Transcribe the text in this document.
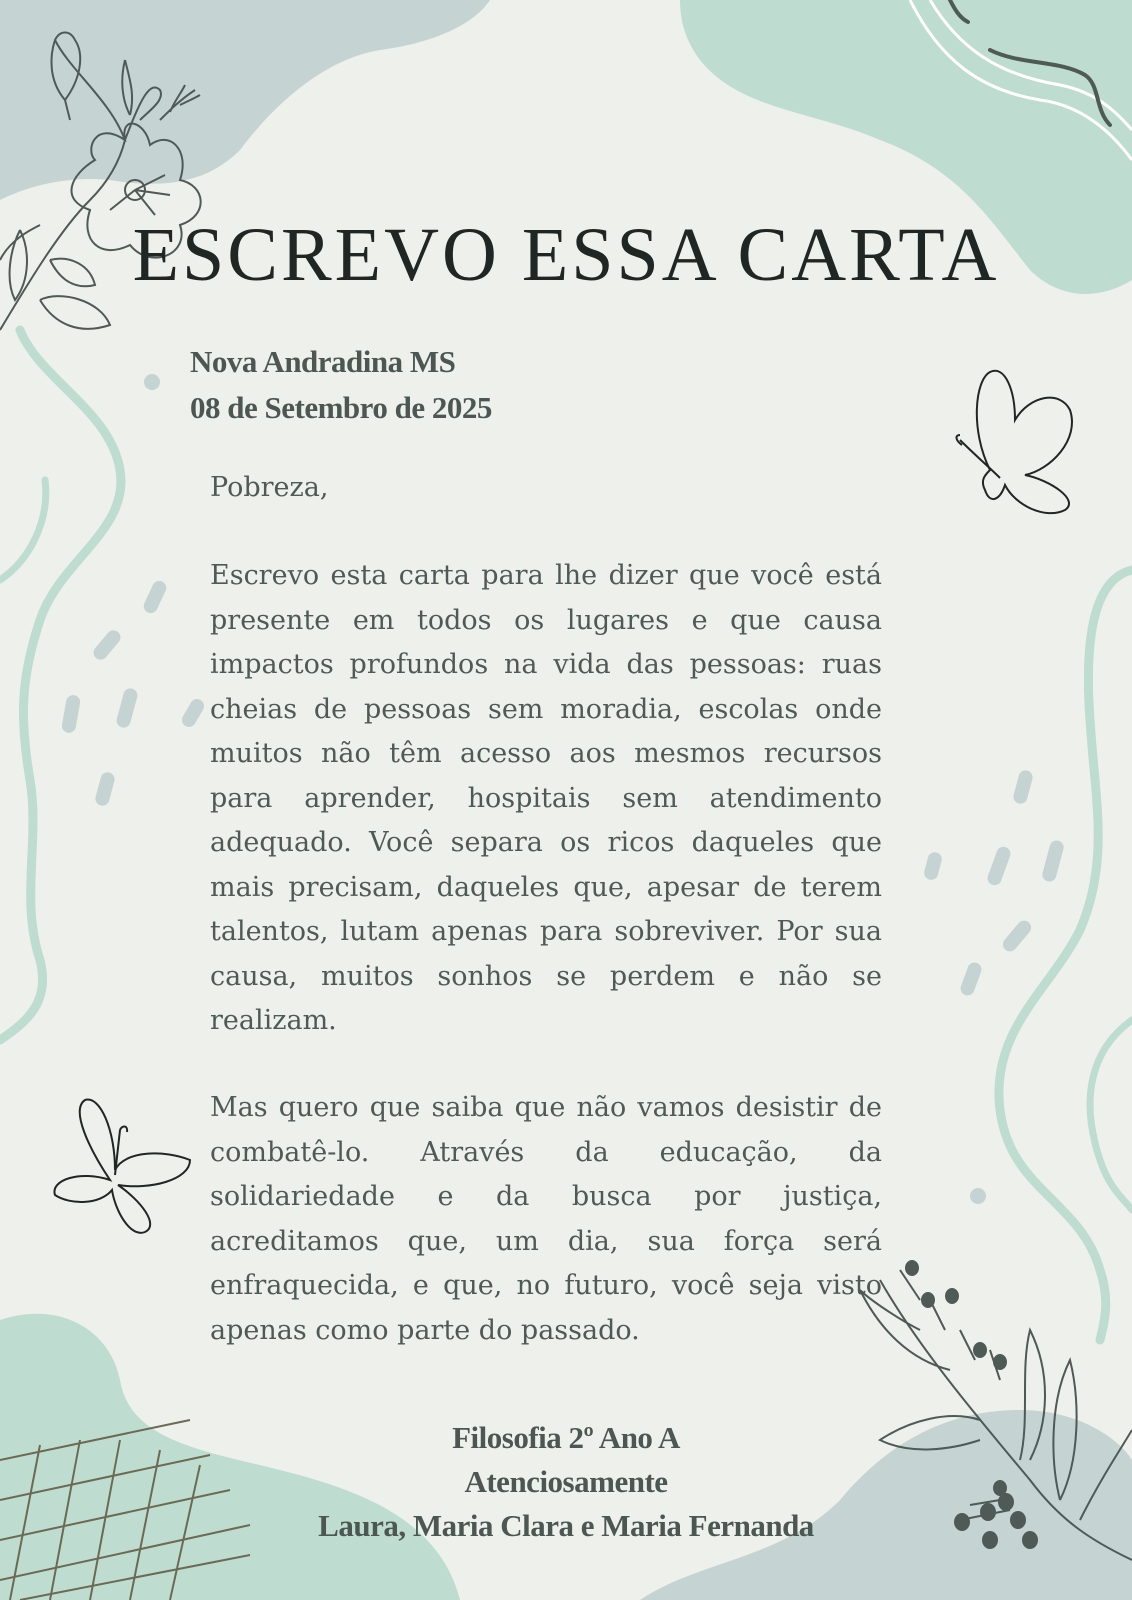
ESCREVO ESSA CARTA
Nova Andradina MS
08 de Setembro de 2025
Pobreza,

Escrevo esta carta para lhe dizer que você está presente em todos os lugares e que causa impactos profundos na vida das pessoas: ruas cheias de pessoas sem moradia, escolas onde muitos não têm acesso aos mesmos recursos para aprender, hospitais sem atendimento adequado. Você separa os ricos daqueles que mais precisam, daqueles que, apesar de terem talentos, lutam apenas para sobreviver. Por sua causa, muitos sonhos se perdem e não se realizam.

Mas quero que saiba que não vamos desistir de combatê-lo. Através da educação, da solidariedade e da busca por justiça, acreditamos que, um dia, sua força será enfraquecida, e que, no futuro, você seja visto apenas como parte do passado.

Filosofia 2º Ano A
Atenciosamente
Laura, Maria Clara e Maria Fernanda
